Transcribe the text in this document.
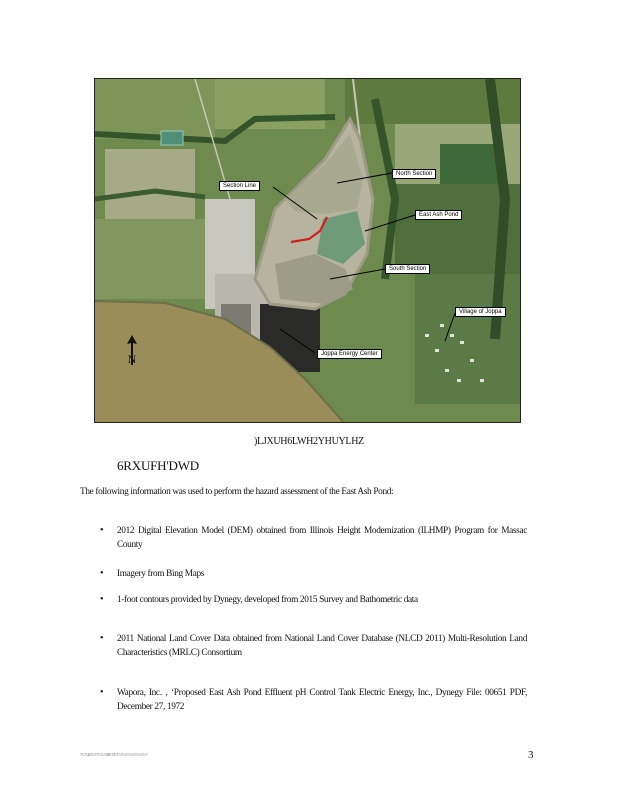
Section Line
North Section
East Ash Pond
South Section
Village of Joppa
Joppa Energy Center
N
)LJXUH6LWH2YHUYLHZ
6RXUFH'DWD
The following information was used to perform the hazard assessment of the East Ash Pond:
• 2012 Digital Elevation Model (DEM) obtained from Illinois Height Modernization (ILHMP) Program for Massac County
• Imagery from Bing Maps
• 1-foot contours provided by Dynegy, developed from 2015 Survey and Bathometric data
• 2011 National Land Cover Data obtained from National Land Cover Database (NLCD 2011) Multi-Resolution Land Characteristics (MRLC) Consortium
• Wapora, Inc. ‚ ‘Proposed East Ash Pond Effluent pH Control Tank Electric Energy, Inc., Dynegy File: 00651 PDF, December 27, 1972
?\\?\20\\\\?\\\\\?20\?2\?\\?\\\\\\\\\\\\\\\\\\\\?	3
